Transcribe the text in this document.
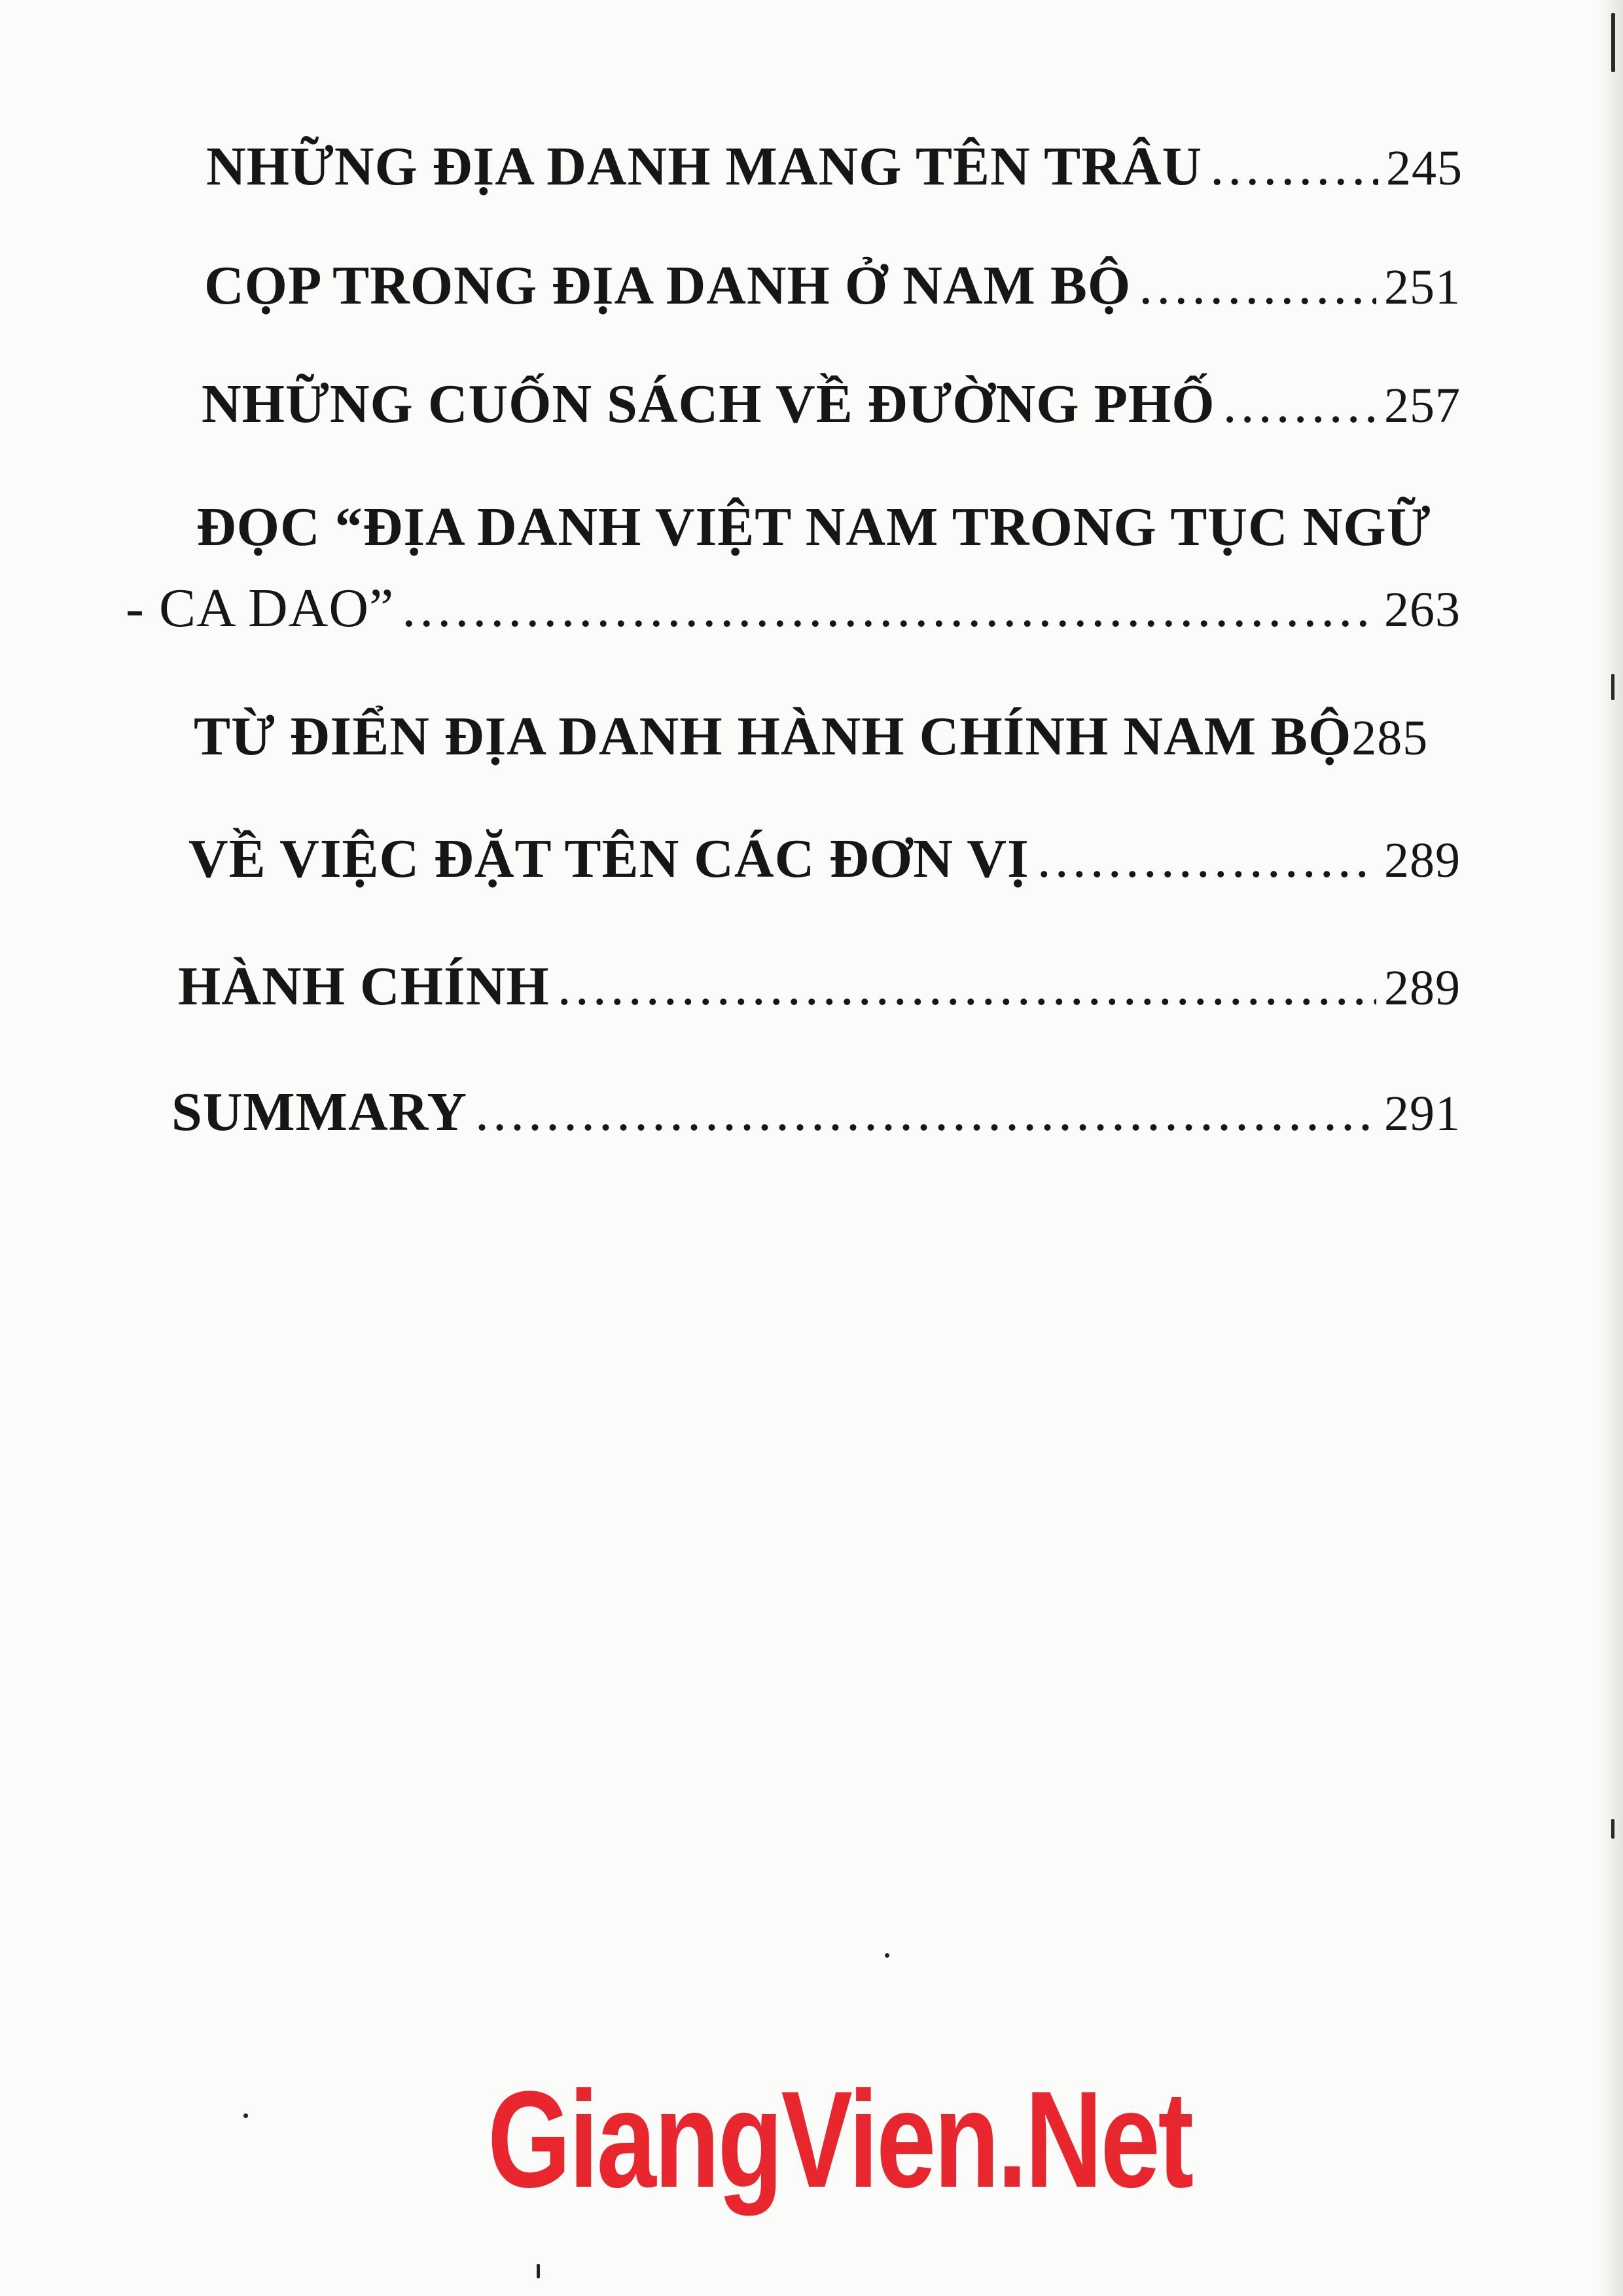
NHỮNG ĐỊA DANH MANG TÊN TRÂU .....	245
CỌP TRONG ĐỊA DANH Ở NAM BỘ .....	251
NHỮNG CUỐN SÁCH VỀ ĐƯỜNG PHỐ .....	257
ĐỌC “ĐỊA DANH VIỆT NAM TRONG TỤC NGỮ
- CA DAO” .....	263
TỪ ĐIỂN ĐỊA DANH HÀNH CHÍNH NAM BỘ 285
VỀ VIỆC ĐẶT TÊN CÁC ĐƠN VỊ .....	289
HÀNH CHÍNH .....	289
SUMMARY .....	291
GiangVien.Net
